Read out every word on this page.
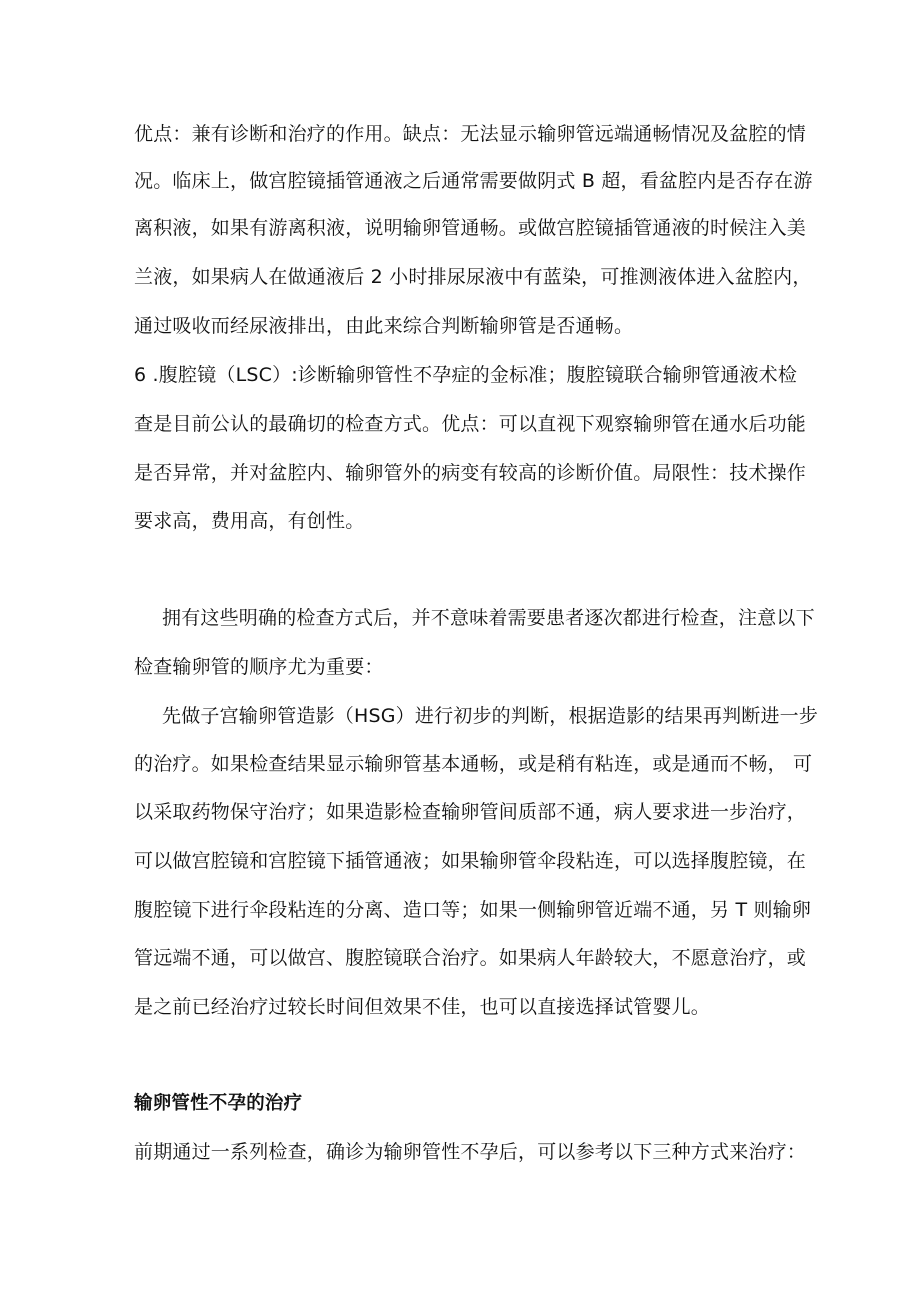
优点：兼有诊断和治疗的作用。缺点：无法显示输卵管远端通畅情况及盆腔的情
况。临床上，做宫腔镜插管通液之后通常需要做阴式 B 超，看盆腔内是否存在游
离积液，如果有游离积液，说明输卵管通畅。或做宫腔镜插管通液的时候注入美
兰液，如果病人在做通液后 2 小时排尿尿液中有蓝染，可推测液体进入盆腔内，
通过吸收而经尿液排出，由此来综合判断输卵管是否通畅。
6 .腹腔镜（LSC）:诊断输卵管性不孕症的金标准；腹腔镜联合输卵管通液术检
查是目前公认的最确切的检查方式。优点：可以直视下观察输卵管在通水后功能
是否异常，并对盆腔内、输卵管外的病变有较高的诊断价值。局限性：技术操作
要求高，费用高，有创性。
拥有这些明确的检查方式后，并不意味着需要患者逐次都进行检查，注意以下
检查输卵管的顺序尤为重要：
先做子宫输卵管造影（HSG）进行初步的判断，根据造影的结果再判断进一步
的治疗。如果检查结果显示输卵管基本通畅，或是稍有粘连，或是通而不畅， 可
以采取药物保守治疗；如果造影检查输卵管间质部不通，病人要求进一步治疗，
可以做宫腔镜和宫腔镜下插管通液；如果输卵管伞段粘连，可以选择腹腔镜，在
腹腔镜下进行伞段粘连的分离、造口等；如果一侧输卵管近端不通，另 T 则输卵
管远端不通，可以做宫、腹腔镜联合治疗。如果病人年龄较大，不愿意治疗，或
是之前已经治疗过较长时间但效果不佳，也可以直接选择试管婴儿。
输卵管性不孕的治疗
前期通过一系列检查，确诊为输卵管性不孕后，可以参考以下三种方式来治疗：
